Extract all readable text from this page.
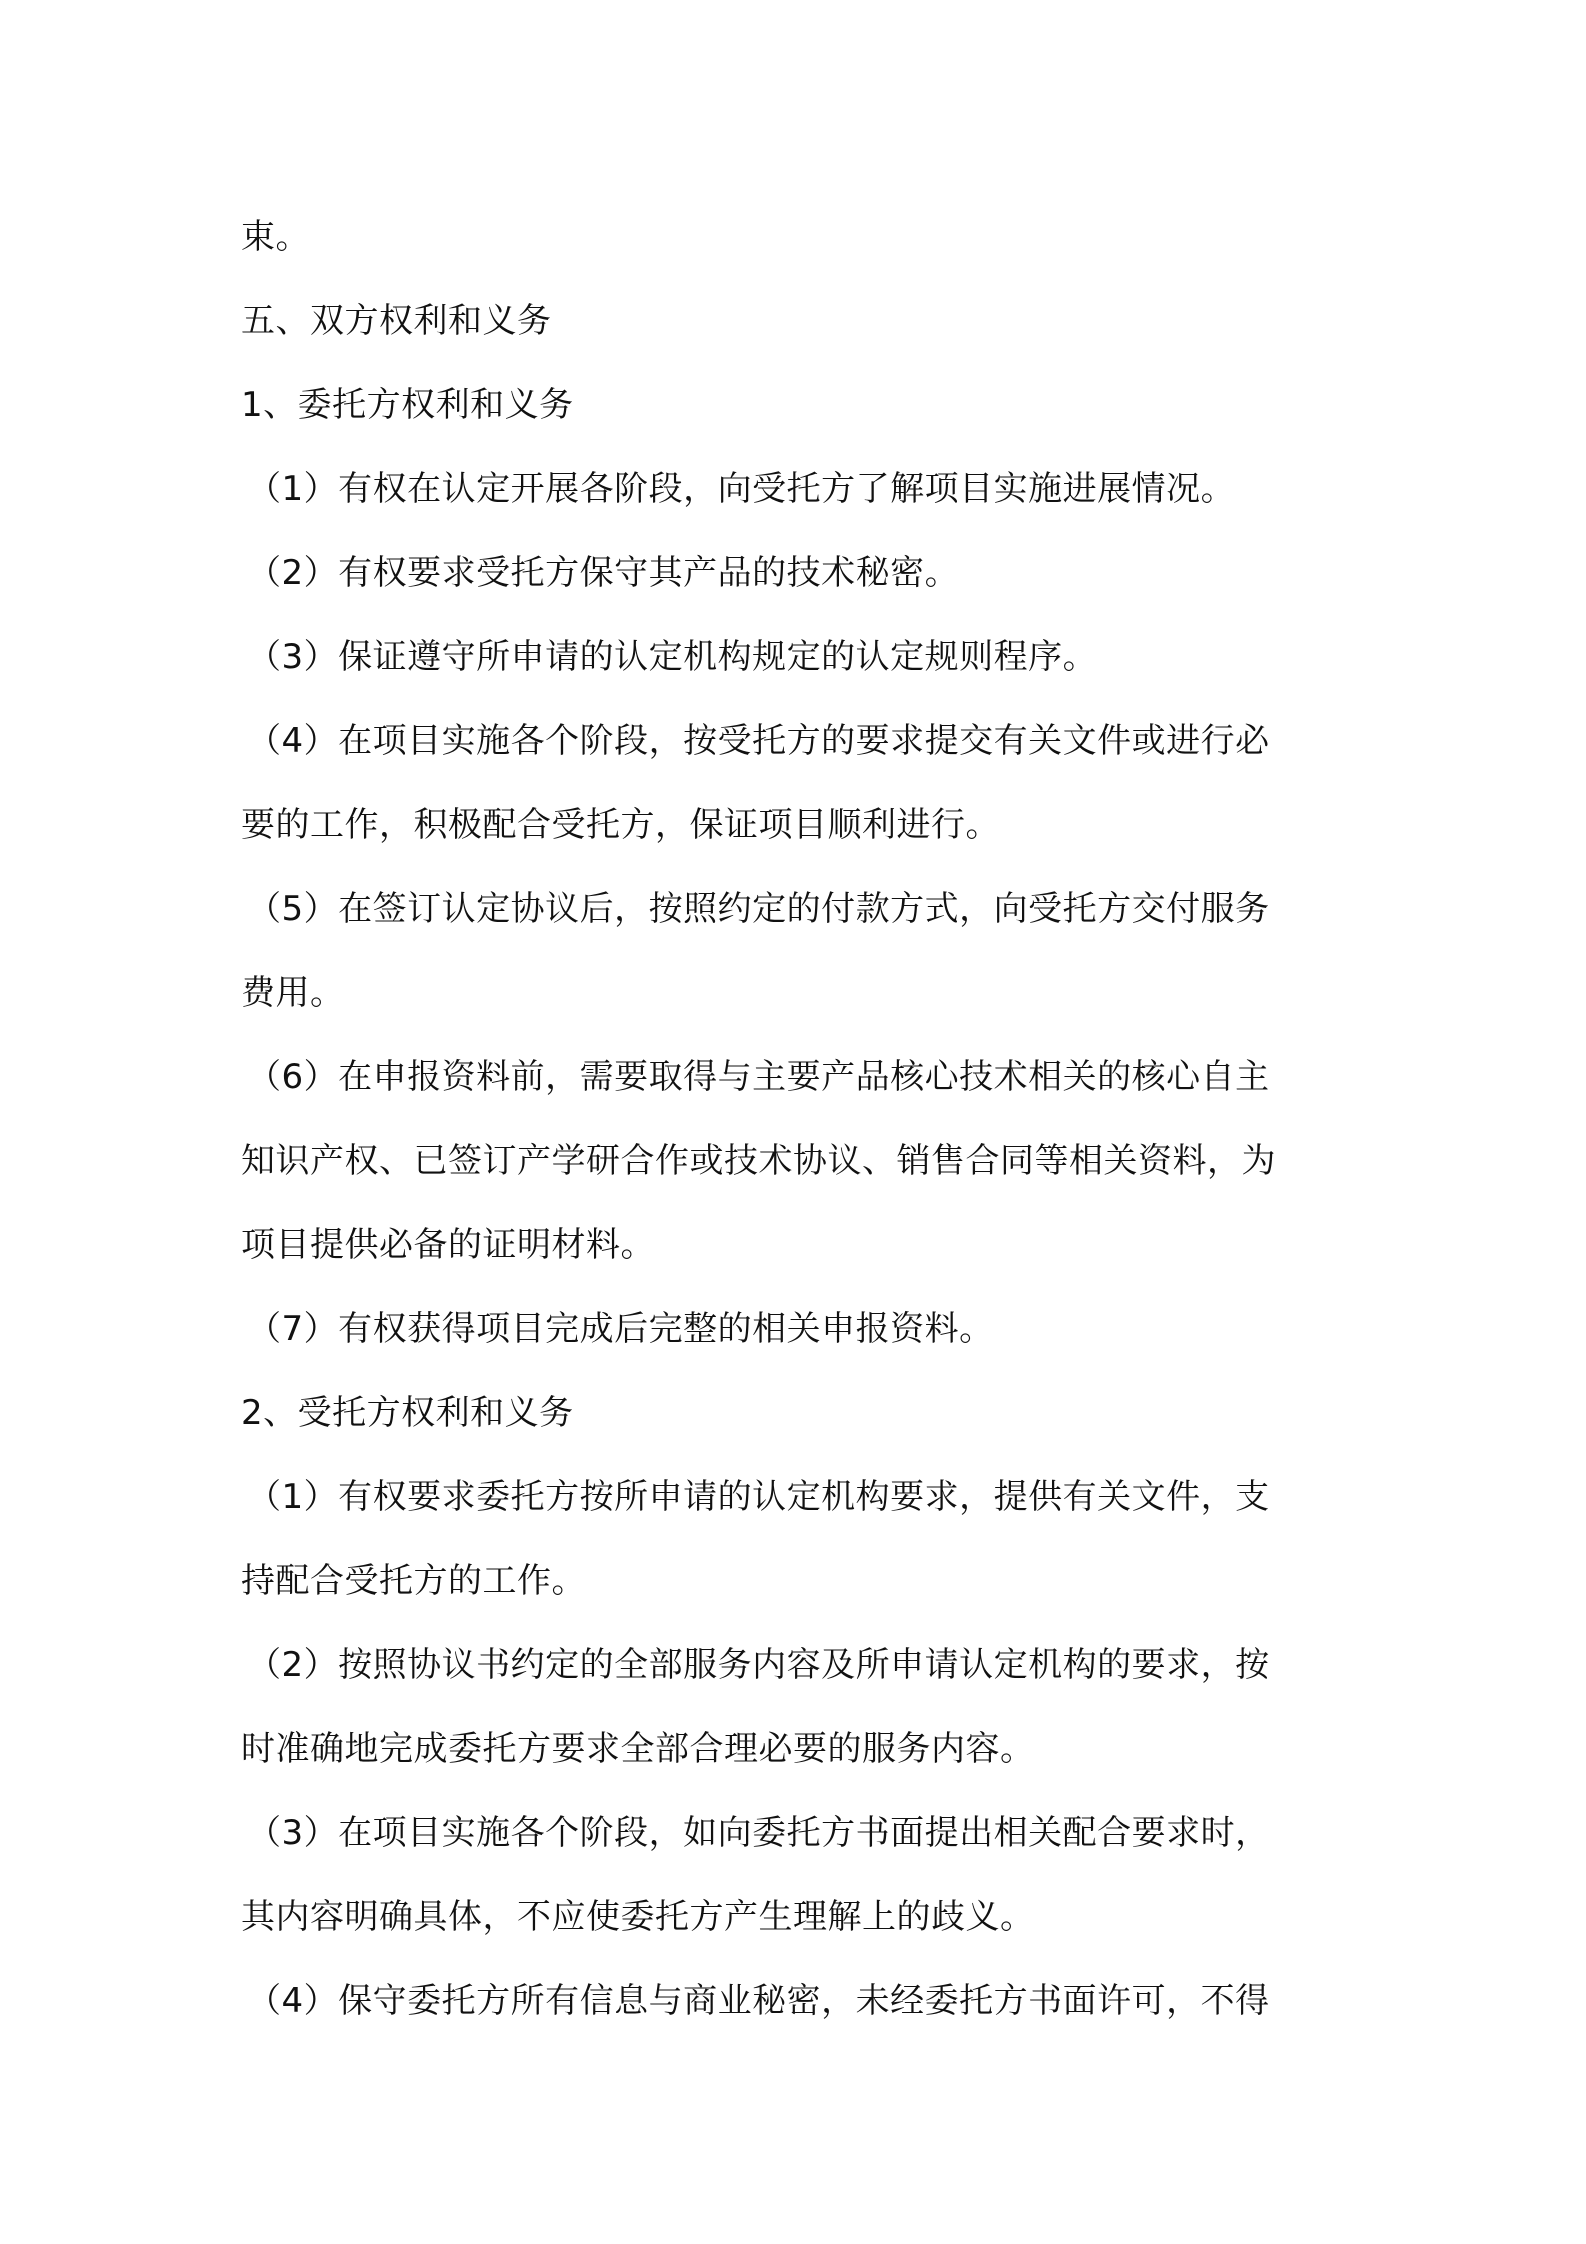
束。
五、双方权利和义务
1、委托方权利和义务
（1）有权在认定开展各阶段，向受托方了解项目实施进展情况。
（2）有权要求受托方保守其产品的技术秘密。
（3）保证遵守所申请的认定机构规定的认定规则程序。
（4）在项目实施各个阶段，按受托方的要求提交有关文件或进行必
要的工作，积极配合受托方，保证项目顺利进行。
（5）在签订认定协议后，按照约定的付款方式，向受托方交付服务
费用。
（6）在申报资料前，需要取得与主要产品核心技术相关的核心自主
知识产权、已签订产学研合作或技术协议、销售合同等相关资料，为
项目提供必备的证明材料。
（7）有权获得项目完成后完整的相关申报资料。
2、受托方权利和义务
（1）有权要求委托方按所申请的认定机构要求，提供有关文件，支
持配合受托方的工作。
（2）按照协议书约定的全部服务内容及所申请认定机构的要求，按
时准确地完成委托方要求全部合理必要的服务内容。
（3）在项目实施各个阶段，如向委托方书面提出相关配合要求时，
其内容明确具体，不应使委托方产生理解上的歧义。
（4）保守委托方所有信息与商业秘密，未经委托方书面许可，不得
